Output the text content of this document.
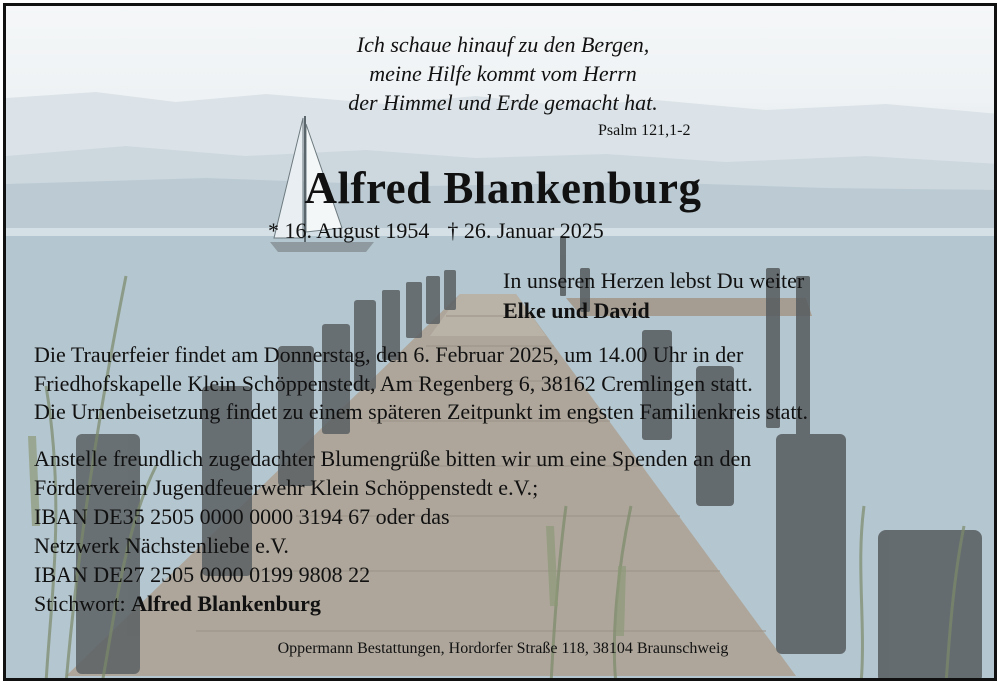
Ich schaue hinauf zu den Bergen,
meine Hilfe kommt vom Herrn
der Himmel und Erde gemacht hat.
Psalm 121,1-2
Alfred Blankenburg
* 16. August 1954 † 26. Januar 2025
In unseren Herzen lebst Du weiter
Elke und David
Die Trauerfeier findet am Donnerstag, den 6. Februar 2025, um 14.00 Uhr in der
Friedhofskapelle Klein Schöppenstedt, Am Regenberg 6, 38162 Cremlingen statt.
Die Urnenbeisetzung findet zu einem späteren Zeitpunkt im engsten Familienkreis statt.
Anstelle freundlich zugedachter Blumengrüße bitten wir um eine Spenden an den
Förderverein Jugendfeuerwehr Klein Schöppenstedt e.V.;
IBAN DE35 2505 0000 0000 3194 67 oder das
Netzwerk Nächstenliebe e.V.
IBAN DE27 2505 0000 0199 9808 22
Stichwort: Alfred Blankenburg
Oppermann Bestattungen, Hordorfer Straße 118, 38104 Braunschweig
